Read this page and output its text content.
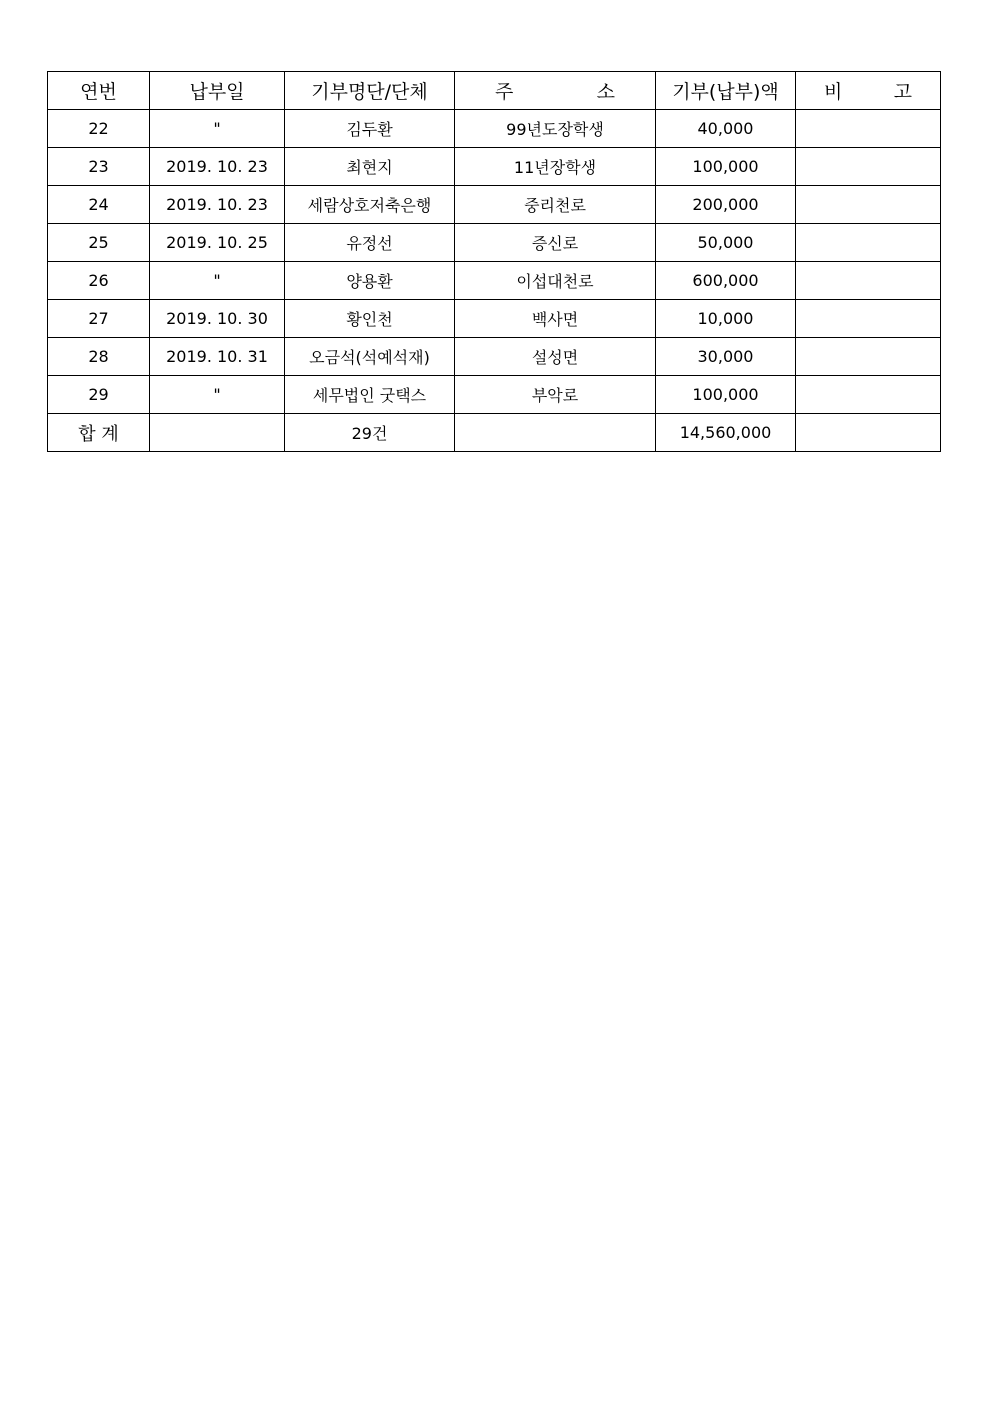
연번	납부일	기부명단/단체	주 소	기부(납부)액	비 고

22	"	김두환	99년도장학생	40,000	
23	2019. 10. 23	최현지	11년장학생	100,000	
24	2019. 10. 23	세람상호저축은행	중리천로	200,000	
25	2019. 10. 25	유정선	증신로	50,000	
26	"	양용환	이섭대천로	600,000	
27	2019. 10. 30	황인천	백사면	10,000	
28	2019. 10. 31	오금석(석예석재)	설성면	30,000	
29	"	세무법인 굿택스	부악로	100,000	
합 계		29건		14,560,000	
